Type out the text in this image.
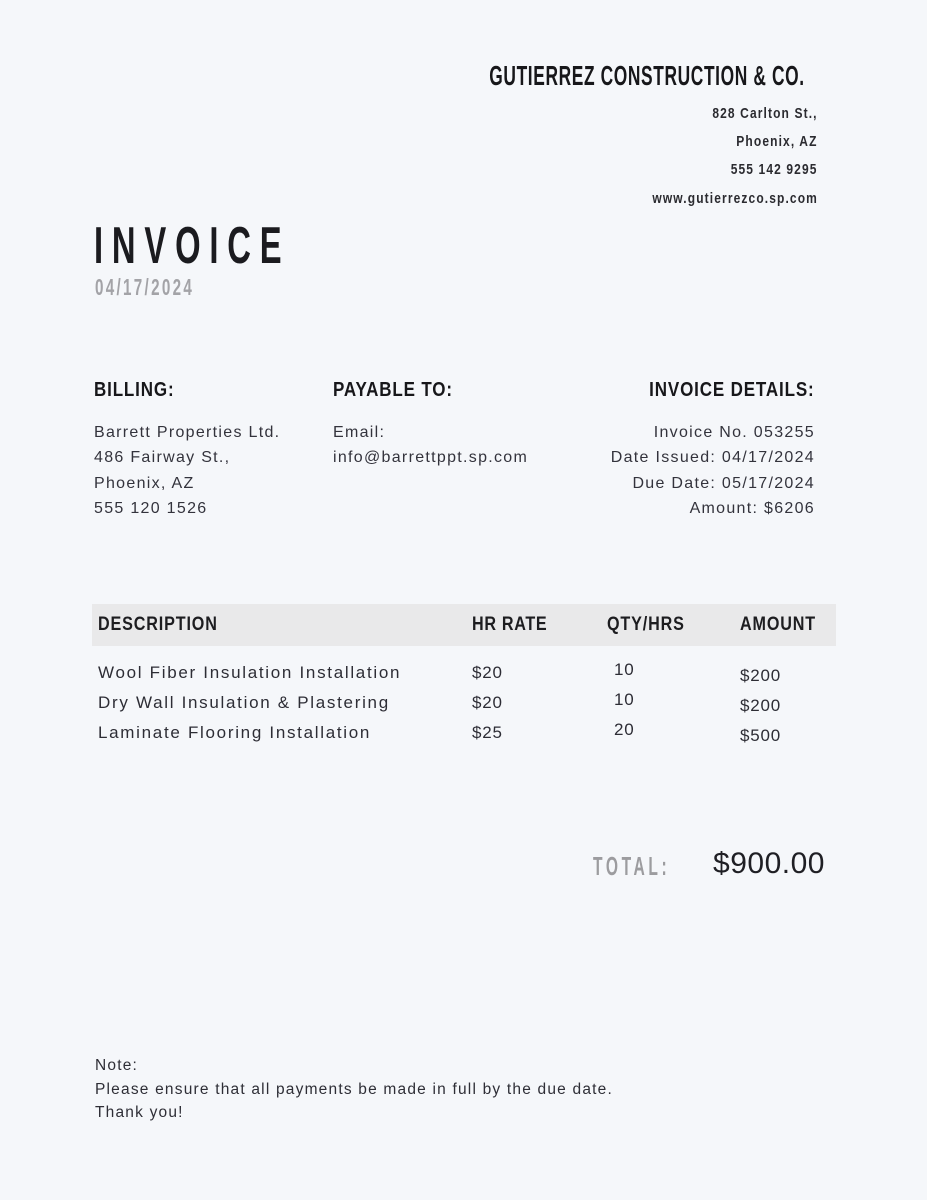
GUTIERREZ CONSTRUCTION & CO.
828 Carlton St.,
Phoenix, AZ
555 142 9295
www.gutierrezco.sp.com
INVOICE
04/17/2024
BILLING:
Barrett Properties Ltd.
486 Fairway St.,
Phoenix, AZ
555 120 1526
PAYABLE TO:
Email:
info@barrettppt.sp.com
INVOICE DETAILS:
Invoice No. 053255
Date Issued: 04/17/2024
Due Date: 05/17/2024
Amount: $6206
DESCRIPTION	HR RATE	QTY/HRS	AMOUNT
Wool Fiber Insulation Installation	$20	10	$200
Dry Wall Insulation & Plastering	$20	10	$200
Laminate Flooring Installation	$25	20	$500
TOTAL:	$900.00
Note:
Please ensure that all payments be made in full by the due date.
Thank you!
